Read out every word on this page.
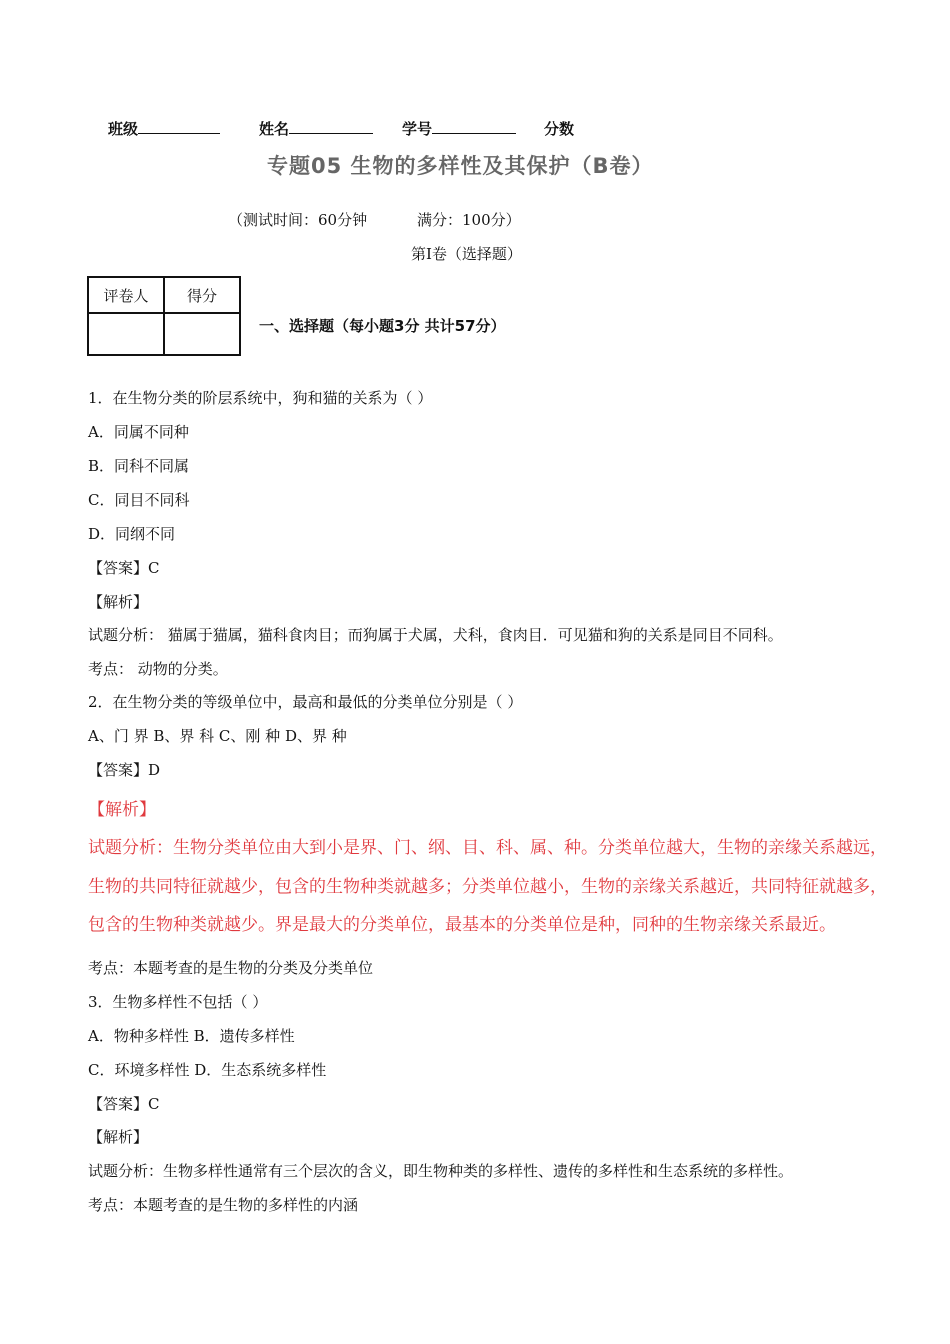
班级	姓名	学号	分数
专题05 生物的多样性及其保护（B卷）
（测试时间：60分钟	满分：100分）
第I卷（选择题）
评卷人	得分

一、选择题（每小题3分 共计57分）
1．在生物分类的阶层系统中，狗和猫的关系为（ ）
A．同属不同种
B．同科不同属
C．同目不同科
D．同纲不同
【答案】C
【解析】
试题分析： 猫属于猫属，猫科食肉目；而狗属于犬属，犬科，食肉目．可见猫和狗的关系是同目不同科。
考点： 动物的分类。
2．在生物分类的等级单位中，最高和最低的分类单位分别是（ ）
A、门 界 B、界 科 C、刚 种 D、界 种
【答案】D
【解析】
试题分析：生物分类单位由大到小是界、门、纲、目、科、属、种。分类单位越大，生物的亲缘关系越远，
生物的共同特征就越少，包含的生物种类就越多；分类单位越小，生物的亲缘关系越近，共同特征就越多，
包含的生物种类就越少。界是最大的分类单位，最基本的分类单位是种，同种的生物亲缘关系最近。
考点：本题考查的是生物的分类及分类单位
3．生物多样性不包括（ ）
A．物种多样性 B．遗传多样性
C．环境多样性 D．生态系统多样性
【答案】C
【解析】
试题分析：生物多样性通常有三个层次的含义，即生物种类的多样性、遗传的多样性和生态系统的多样性。
考点：本题考查的是生物的多样性的内涵
